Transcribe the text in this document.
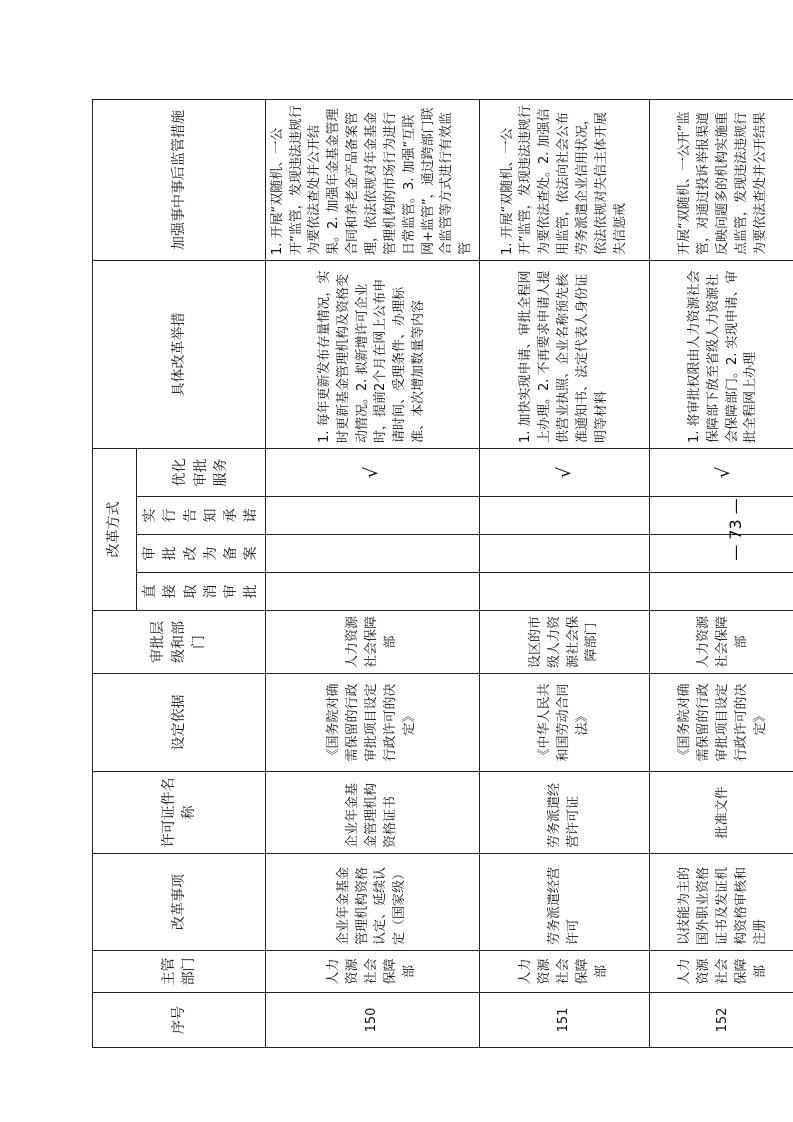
序号	主管部门	改革事项	许可证件名称	设定依据	审批层级和部门	改革方式				具体改革举措	加强事中事后监管措施
						直接取消审批	审批改为备案	实行告知承诺	优化审批服务		
150	人力资源社会保障部	企业年金基金管理机构资格认定、延续认定（国家级）	企业年金基金管理机构资格证书	《国务院对确需保留的行政审批项目设定行政许可的决定》	人力资源社会保障部				√	1. 每年更新发布存量情况，实时更新基金管理机构及资格变动情况。2. 拟新增许可企业时，提前2个月在网上公布申请时间、受理条件、办理标准、本次增加数量等内容	1. 开展“双随机、一公开”监管，发现违法违规行为要依法查处并公开结果。2. 加强年金基金管理合同和养老金产品备案管理，依法依规对年金基金管理机构的市场行为进行日常监管。3. 加强“互联网+监管”，通过跨部门联合监管等方式进行有效监管
151	人力资源社会保障部	劳务派遣经营许可	劳务派遣经营许可证	《中华人民共和国劳动合同法》	设区的市级人力资源社会保障部门				√	1. 加快实现申请、审批全程网上办理。2. 不再要求申请人提供营业执照、企业名称预先核准通知书、法定代表人身份证明等材料	1. 开展“双随机、一公开”监管，发现违法违规行为要依法查处。2. 加强信用监管，依法向社会公布劳务派遣企业信用状况，依法依规对失信主体开展失信惩戒
152	人力资源社会保障部	以技能为主的国外职业资格证书及发证机构资格审核和注册	批准文件	《国务院对确需保留的行政审批项目设定行政许可的决定》	人力资源社会保障部				√	1. 将审批权限由人力资源社会保障部下放至省级人力资源社会保障部门。2. 实现申请、审批全程网上办理	开展“双随机、一公开”监管，对通过投诉举报渠道反映问题多的机构实施重点监管，发现违法违规行为要依法查处并公开结果
— 73 —
